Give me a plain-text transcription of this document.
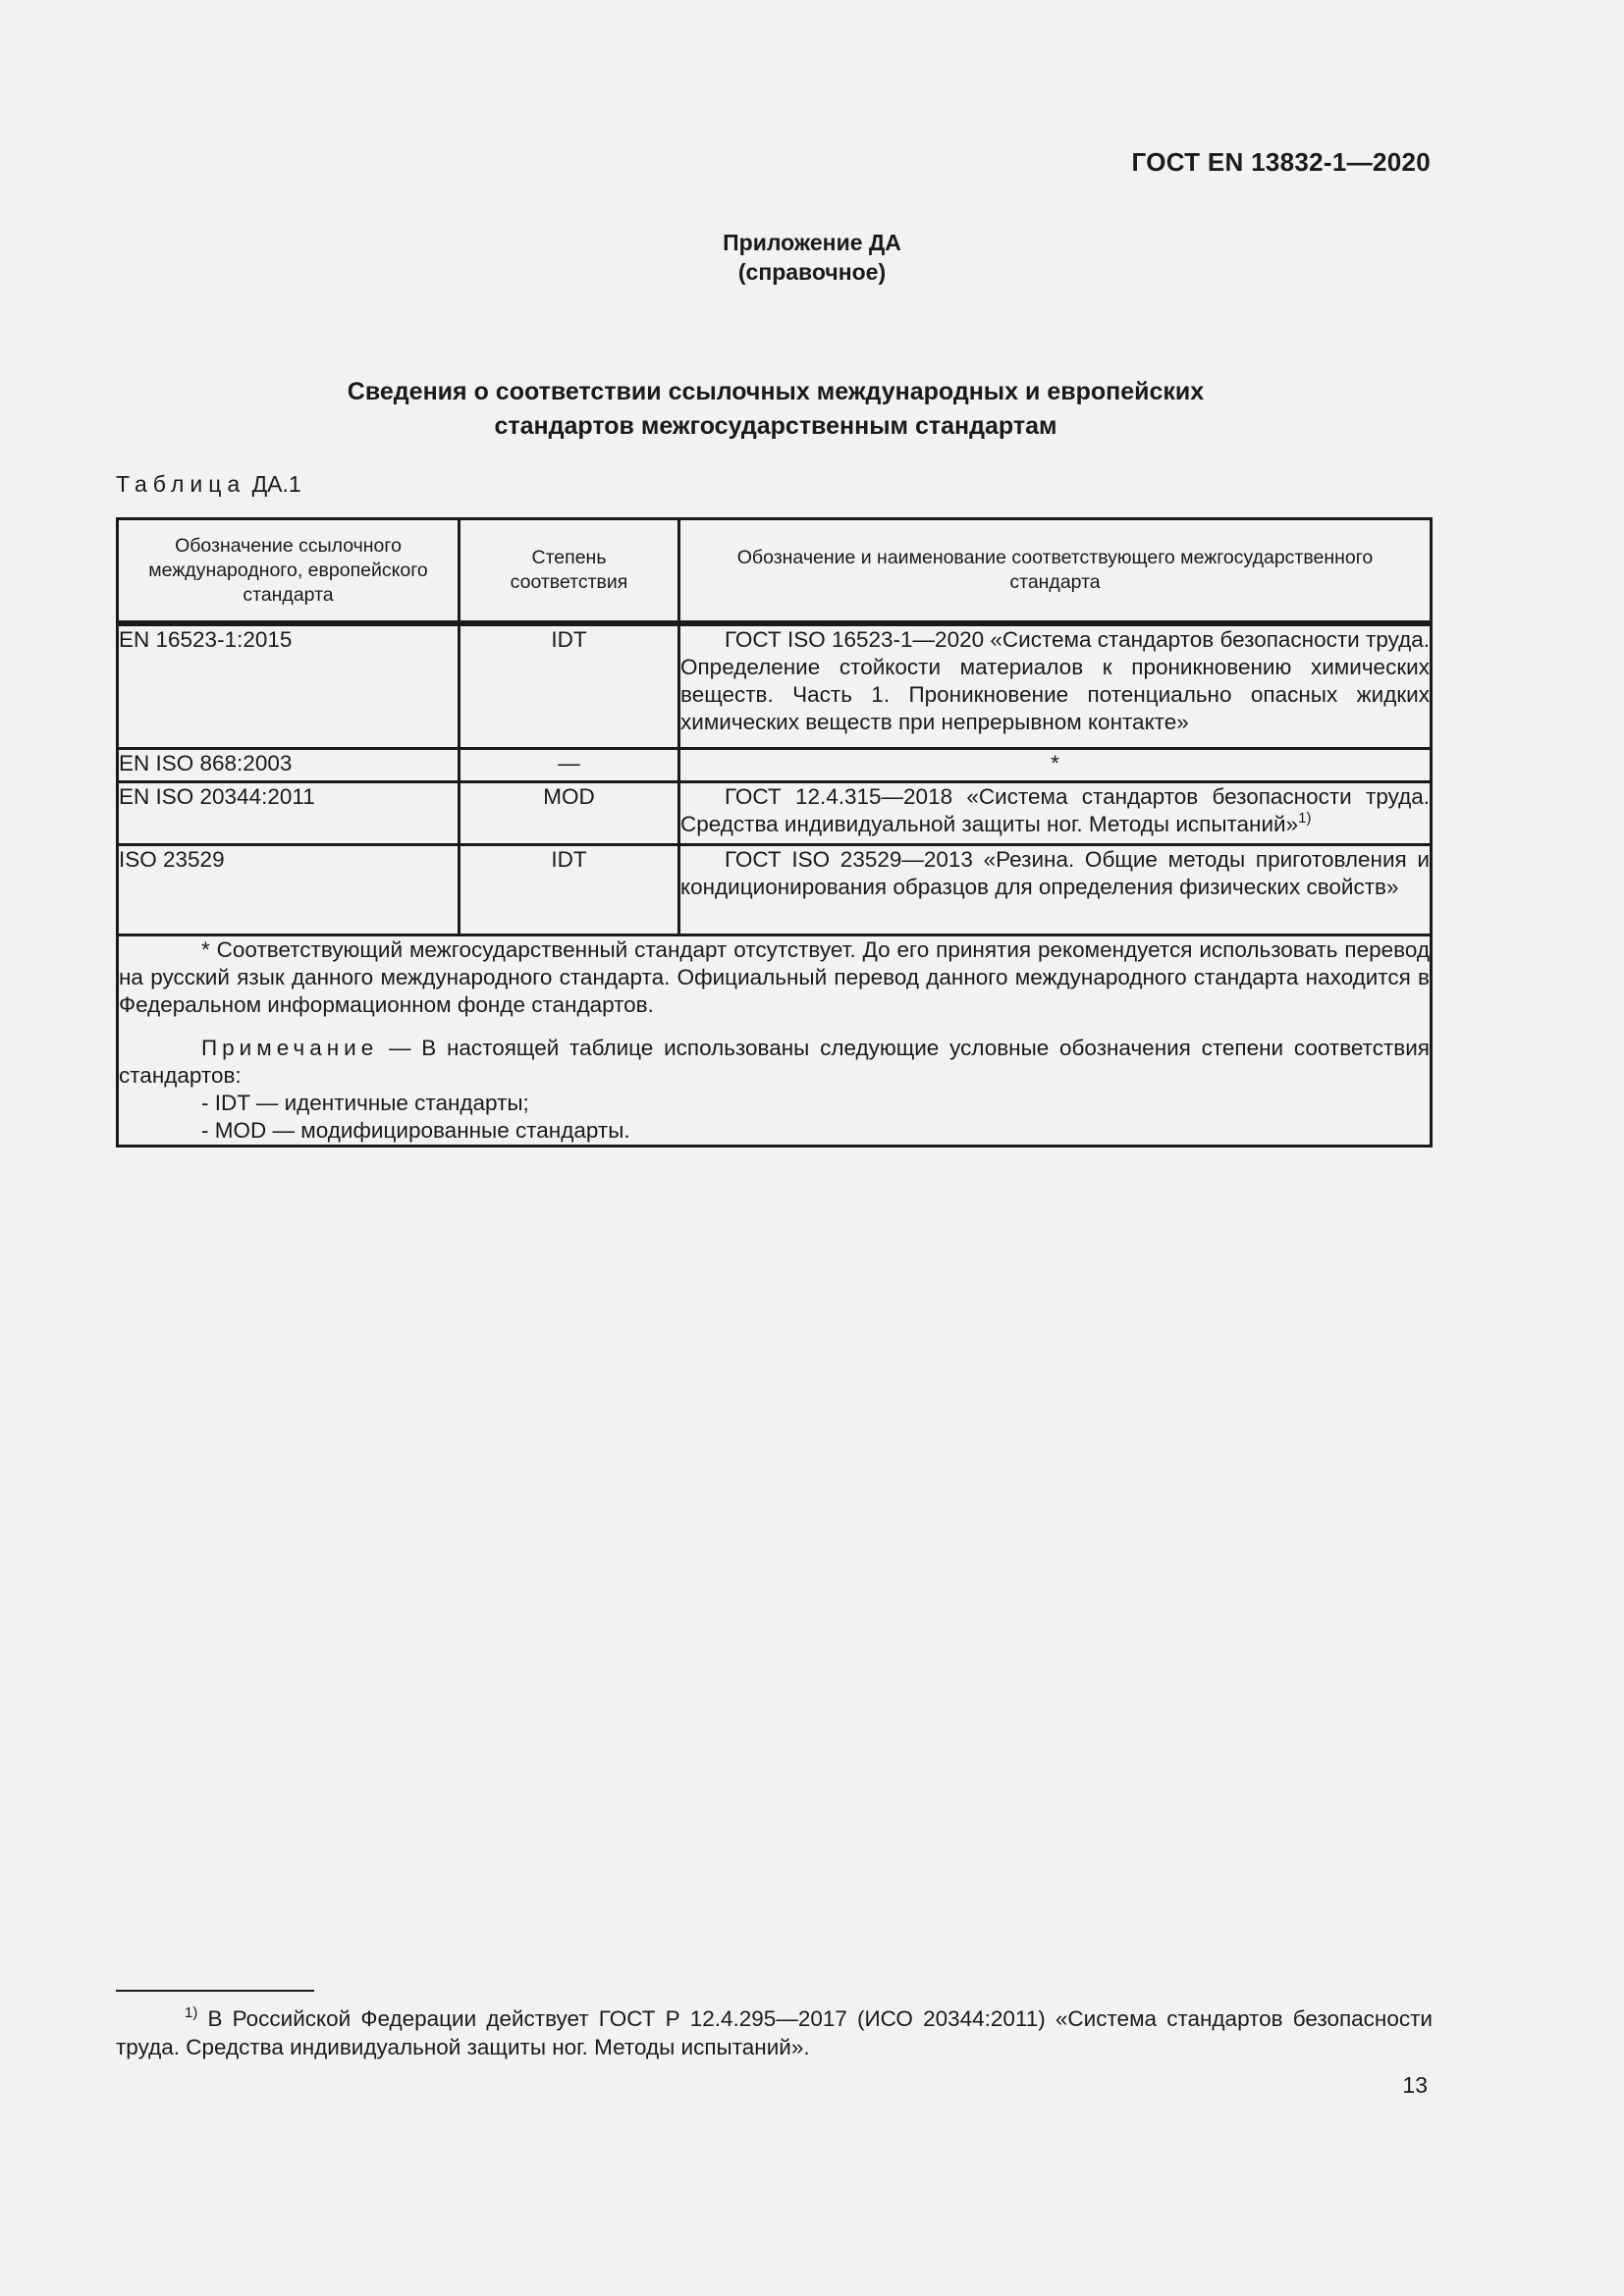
ГОСТ EN 13832-1—2020
Приложение ДА
(справочное)
Сведения о соответствии ссылочных международных и европейских
стандартов межгосударственным стандартам
Таблица ДА.1
Обозначение ссылочного международного, европейского стандарта	Степень соответствия	Обозначение и наименование соответствующего межгосударственного стандарта
EN 16523-1:2015	IDT	ГОСТ ISO 16523-1—2020 «Система стандартов безопасности труда. Определение стойкости материалов к проникновению химических веществ. Часть 1. Проникновение потенциально опасных жидких химических веществ при непрерывном контакте»
EN ISO 868:2003	—	*
EN ISO 20344:2011	MOD	ГОСТ 12.4.315—2018 «Система стандартов безопасности труда. Средства индивидуальной защиты ног. Методы испытаний»$^{1)}$
ISO 23529	IDT	ГОСТ ISO 23529—2013 «Резина. Общие методы приготовления и кондиционирования образцов для определения физических свойств»

* Соответствующий межгосударственный стандарт отсутствует. До его принятия рекомендуется использовать перевод на русский язык данного международного стандарта. Официальный перевод данного международного стандарта находится в Федеральном информационном фонде стандартов.

Примечание — В настоящей таблице использованы следующие условные обозначения степени соответствия стандартов:

- IDT — идентичные стандарты;

- MOD — модифицированные стандарты.		

$^{1)}$ В Российской Федерации действует ГОСТ Р 12.4.295—2017 (ИСО 20344:2011) «Система стандартов безопасности труда. Средства индивидуальной защиты ног. Методы испытаний».
13
